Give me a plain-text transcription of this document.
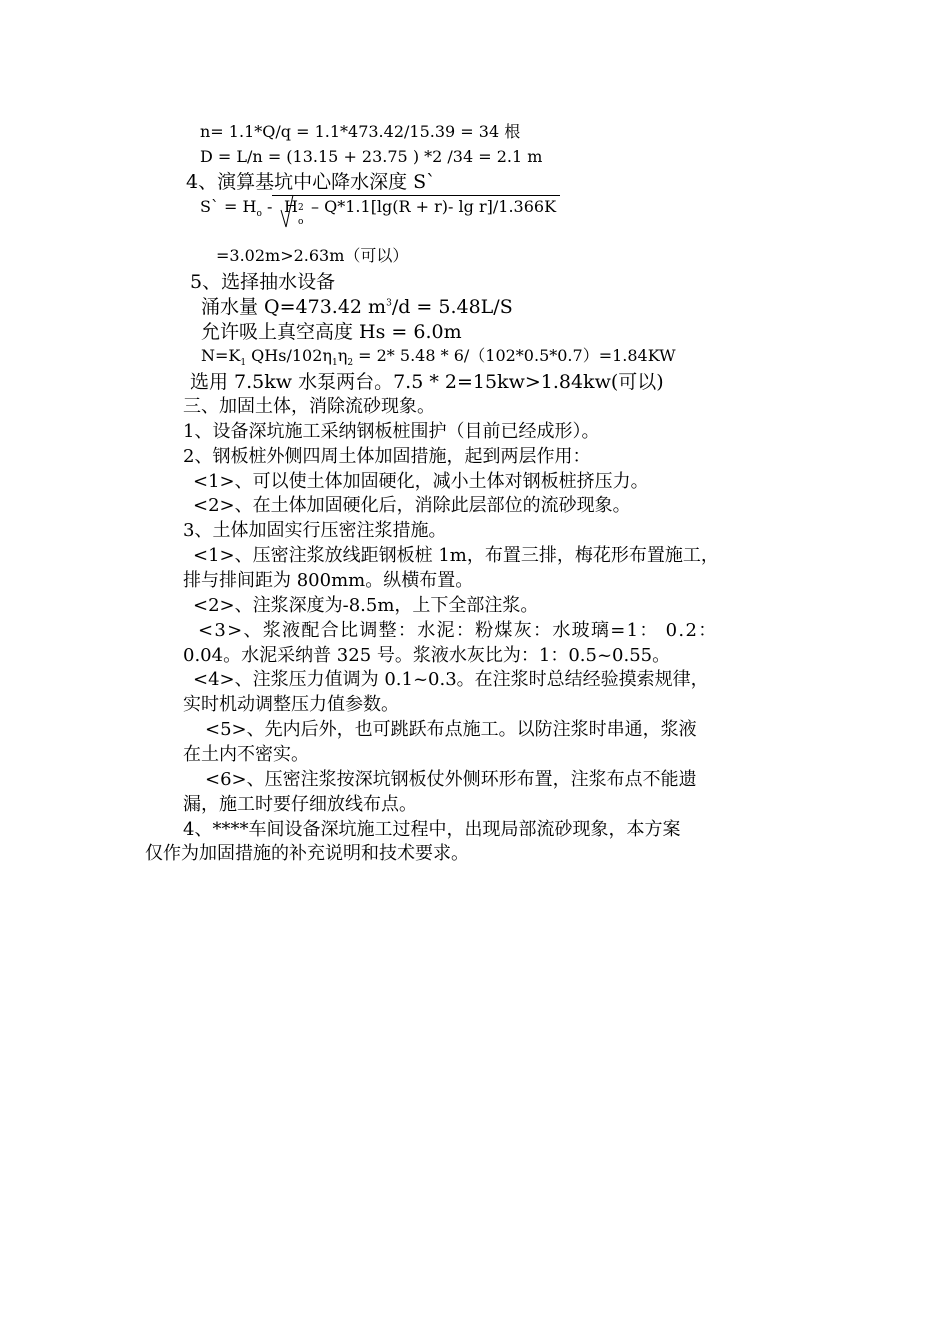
n= 1.1*Q/q = 1.1*473.42/15.39 = 34 根
D = L/n = (13.15 + 23.75 ) *2 /34 = 2.1 m
4、演算基坑中心降水深度 S`
S` = $H_o$ - H 2
o
– Q*1.1[lg(R + r)- lg r]/1.366K
=3.02m>2.63m（可以）
5、选择抽水设备
涌水量 Q=473.42 $m^3/d = 5.48L/S$
允许吸上真空高度 Hs = 6.0m
$N=K_1$ QHs/$102\eta_1\eta_2 = 2*$ 5.48 * 6/（102*0.5*0.7）=1.84KW
选用 7.5kw 水泵两台。7.5 * 2=15kw>1.84kw(可以)
三、加固土体，消除流砂现象。
1、设备深坑施工采纳钢板桩围护（目前已经成形）。
2、钢板桩外侧四周土体加固措施，起到两层作用：
<1>、可以使土体加固硬化，减小土体对钢板桩挤压力。
<2>、在土体加固硬化后，消除此层部位的流砂现象。
3、土体加固实行压密注浆措施。
<1>、压密注浆放线距钢板桩 1m，布置三排，梅花形布置施工，
排与排间距为 800mm。纵横布置。
<2>、注浆深度为-8.5m，上下全部注浆。
<3>、浆液配合比调整：水泥：粉煤灰：水玻璃=1： 0.2：
0.04。水泥采纳普 325 号。浆液水灰比为：1：0.5~0.55。
<4>、注浆压力值调为 0.1~0.3。在注浆时总结经验摸索规律，
实时机动调整压力值参数。
<5>、先内后外，也可跳跃布点施工。以防注浆时串通，浆液
在土内不密实。
<6>、压密注浆按深坑钢板仗外侧环形布置，注浆布点不能遗
漏，施工时要仔细放线布点。
4、****车间设备深坑施工过程中，出现局部流砂现象，本方案
仅作为加固措施的补充说明和技术要求。
